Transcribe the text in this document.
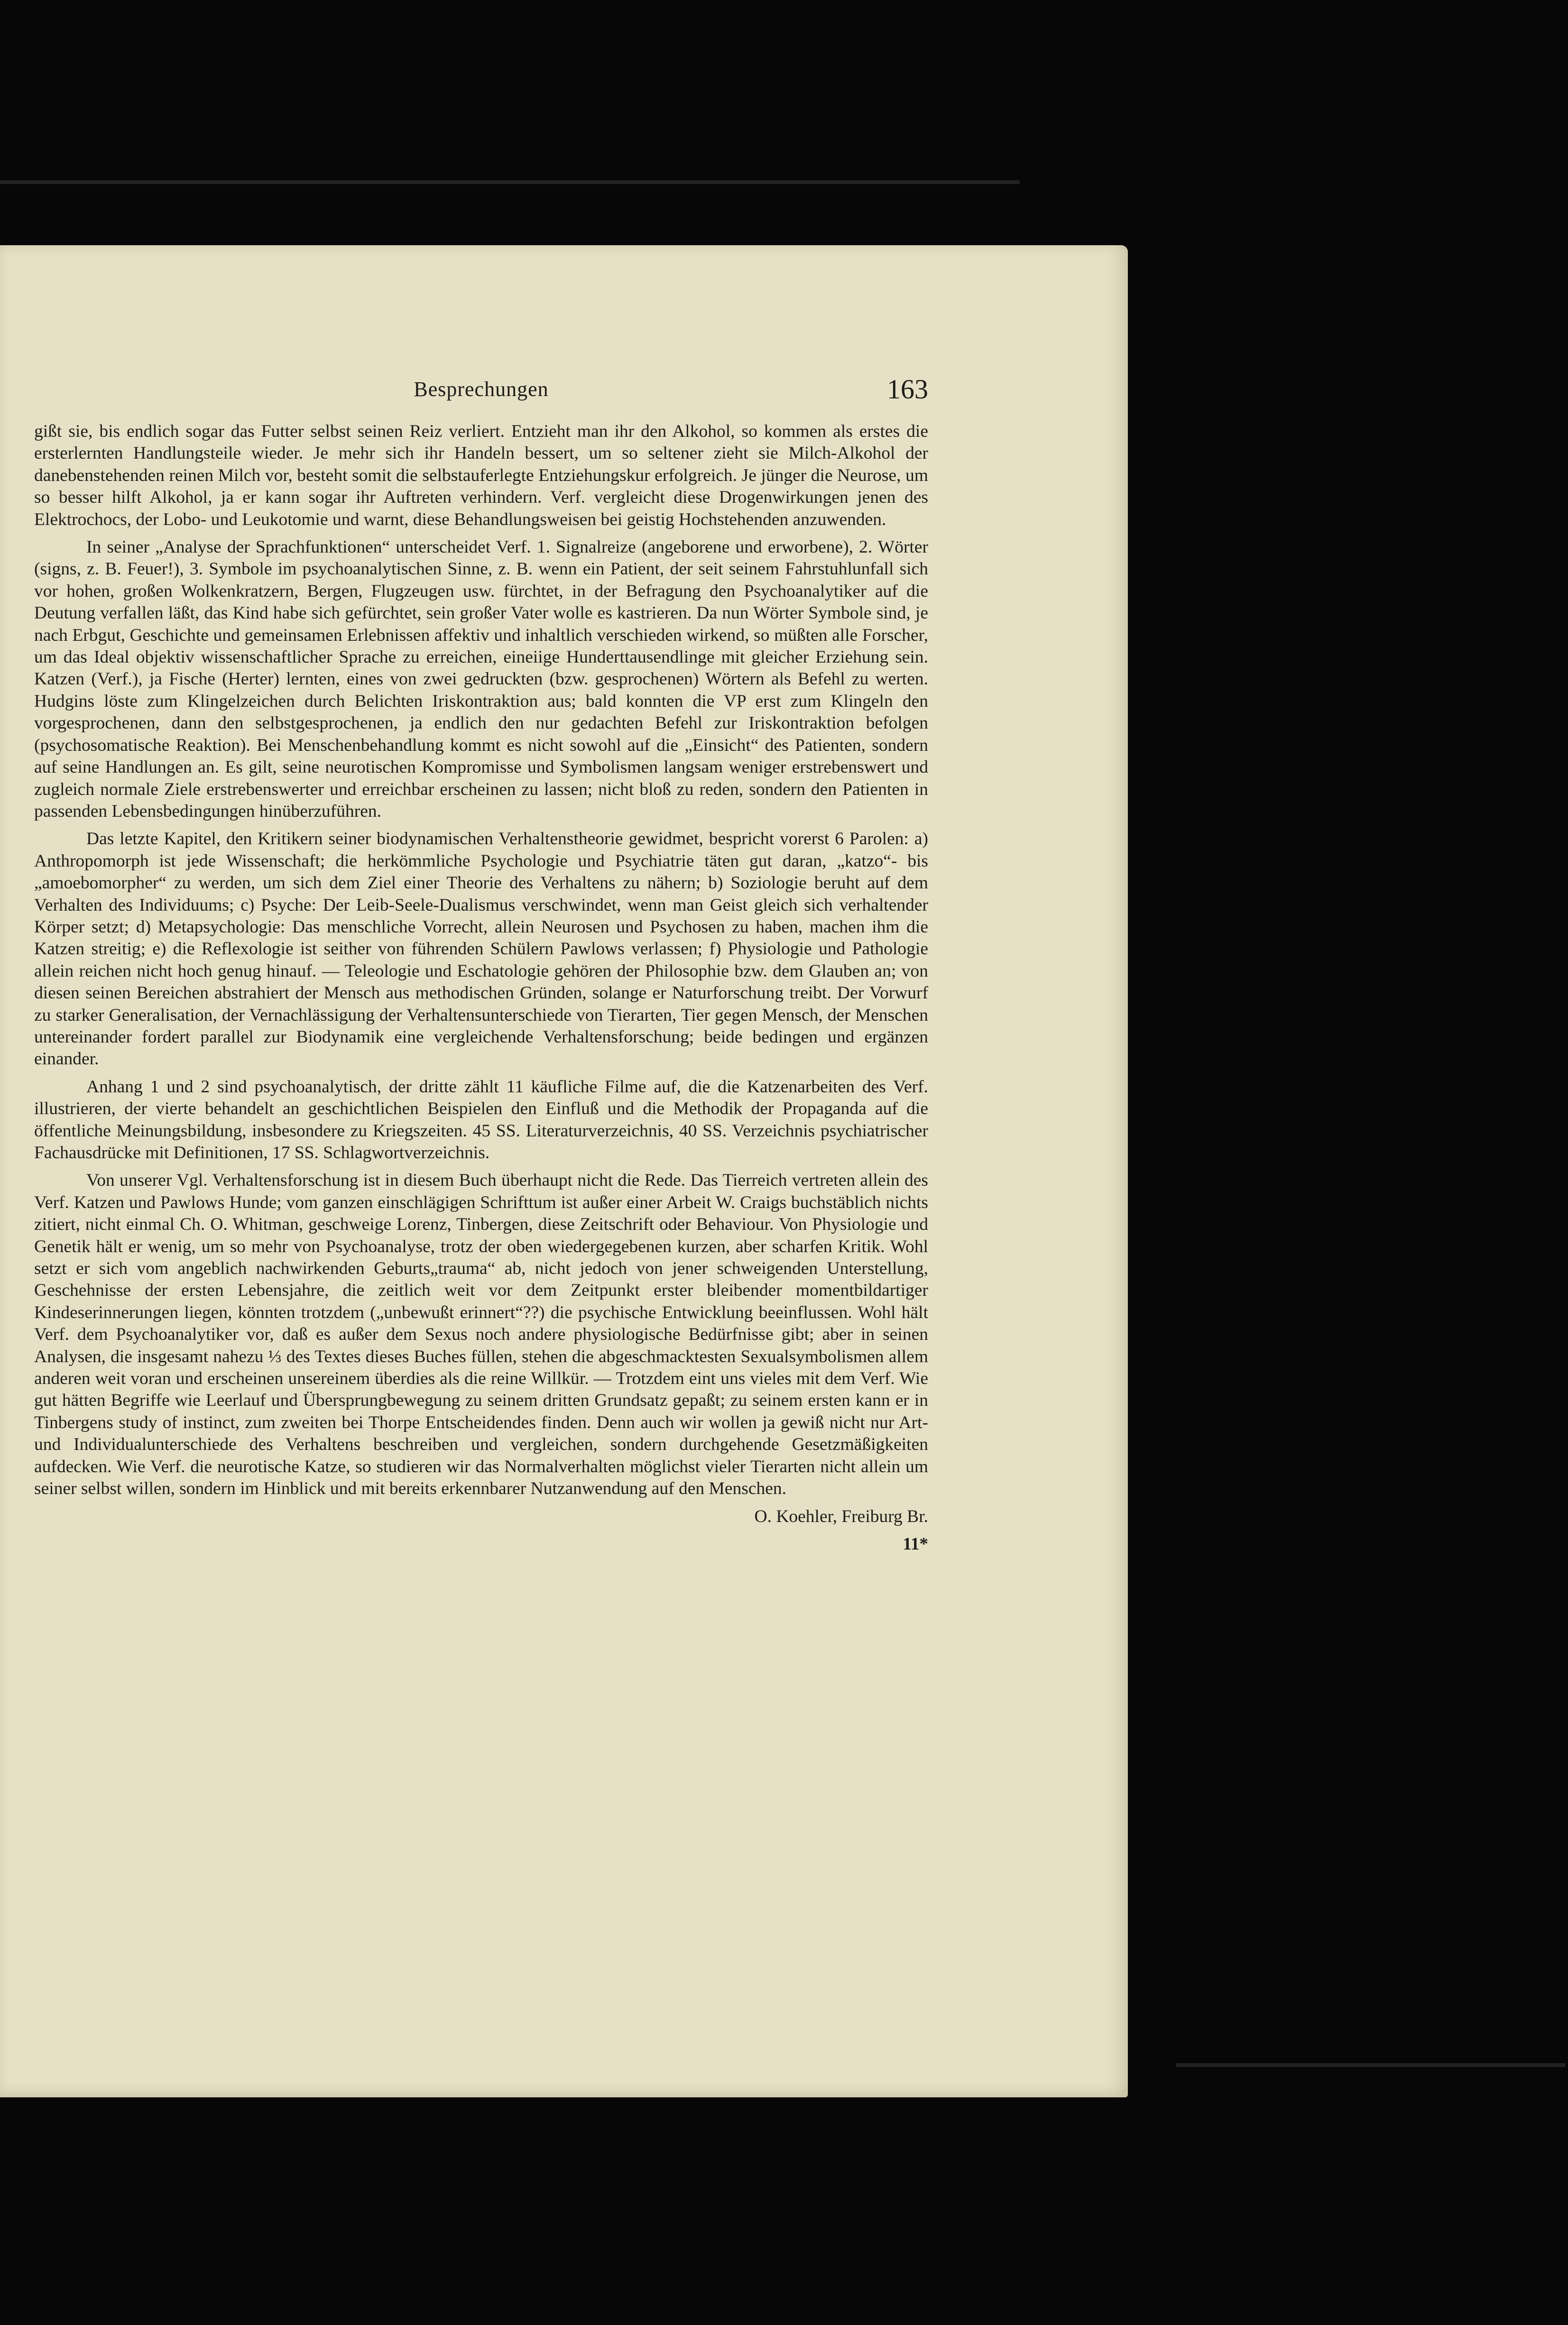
Besprechungen	163

gißt sie, bis endlich sogar das Futter selbst seinen Reiz verliert. Entzieht man ihr den Alkohol, so kommen als erstes die ersterlernten Handlungsteile wieder. Je mehr sich ihr Handeln bessert, um so seltener zieht sie Milch-Alkohol der danebenstehenden reinen Milch vor, besteht somit die selbstauferlegte Entziehungskur erfolgreich. Je jünger die Neurose, um so besser hilft Alkohol, ja er kann sogar ihr Auftreten verhindern. Verf. vergleicht diese Drogenwirkungen jenen des Elektrochocs, der Lobo- und Leukotomie und warnt, diese Behandlungsweisen bei geistig Hochstehenden anzuwenden.

In seiner „Analyse der Sprachfunktionen“ unterscheidet Verf. 1. Signalreize (angeborene und erworbene), 2. Wörter (signs, z. B. Feuer!), 3. Symbole im psychoanalytischen Sinne, z. B. wenn ein Patient, der seit seinem Fahrstuhlunfall sich vor hohen, großen Wolkenkratzern, Bergen, Flugzeugen usw. fürchtet, in der Befragung den Psychoanalytiker auf die Deutung verfallen läßt, das Kind habe sich gefürchtet, sein großer Vater wolle es kastrieren. Da nun Wörter Symbole sind, je nach Erbgut, Geschichte und gemeinsamen Erlebnissen affektiv und inhaltlich verschieden wirkend, so müßten alle Forscher, um das Ideal objektiv wissenschaftlicher Sprache zu erreichen, eineiige Hunderttausendlinge mit gleicher Erziehung sein. Katzen (Verf.), ja Fische (Herter) lernten, eines von zwei gedruckten (bzw. gesprochenen) Wörtern als Befehl zu werten. Hudgins löste zum Klingelzeichen durch Belichten Iriskontraktion aus; bald konnten die VP erst zum Klingeln den vorgesprochenen, dann den selbstgesprochenen, ja endlich den nur gedachten Befehl zur Iriskontraktion befolgen (psychosomatische Reaktion). Bei Menschenbehandlung kommt es nicht sowohl auf die „Einsicht“ des Patienten, sondern auf seine Handlungen an. Es gilt, seine neurotischen Kompromisse und Symbolismen langsam weniger erstrebenswert und zugleich normale Ziele erstrebenswerter und erreichbar erscheinen zu lassen; nicht bloß zu reden, sondern den Patienten in passenden Lebensbedingungen hinüberzuführen.

Das letzte Kapitel, den Kritikern seiner biodynamischen Verhaltenstheorie gewidmet, bespricht vorerst 6 Parolen: a) Anthropomorph ist jede Wissenschaft; die herkömmliche Psychologie und Psychiatrie täten gut daran, „katzo“- bis „amoebomorpher“ zu werden, um sich dem Ziel einer Theorie des Verhaltens zu nähern; b) Soziologie beruht auf dem Verhalten des Individuums; c) Psyche: Der Leib-Seele-Dualismus verschwindet, wenn man Geist gleich sich verhaltender Körper setzt; d) Metapsychologie: Das menschliche Vorrecht, allein Neurosen und Psychosen zu haben, machen ihm die Katzen streitig; e) die Reflexologie ist seither von führenden Schülern Pawlows verlassen; f) Physiologie und Pathologie allein reichen nicht hoch genug hinauf. — Teleologie und Eschatologie gehören der Philosophie bzw. dem Glauben an; von diesen seinen Bereichen abstrahiert der Mensch aus methodischen Gründen, solange er Naturforschung treibt. Der Vorwurf zu starker Generalisation, der Vernachlässigung der Verhaltensunterschiede von Tierarten, Tier gegen Mensch, der Menschen untereinander fordert parallel zur Biodynamik eine vergleichende Verhaltensforschung; beide bedingen und ergänzen einander.

Anhang 1 und 2 sind psychoanalytisch, der dritte zählt 11 käufliche Filme auf, die die Katzenarbeiten des Verf. illustrieren, der vierte behandelt an geschichtlichen Beispielen den Einfluß und die Methodik der Propaganda auf die öffentliche Meinungsbildung, insbesondere zu Kriegszeiten. 45 SS. Literaturverzeichnis, 40 SS. Verzeichnis psychiatrischer Fachausdrücke mit Definitionen, 17 SS. Schlagwortverzeichnis.

Von unserer Vgl. Verhaltensforschung ist in diesem Buch überhaupt nicht die Rede. Das Tierreich vertreten allein des Verf. Katzen und Pawlows Hunde; vom ganzen einschlägigen Schrifttum ist außer einer Arbeit W. Craigs buchstäblich nichts zitiert, nicht einmal Ch. O. Whitman, geschweige Lorenz, Tinbergen, diese Zeitschrift oder Behaviour. Von Physiologie und Genetik hält er wenig, um so mehr von Psychoanalyse, trotz der oben wiedergegebenen kurzen, aber scharfen Kritik. Wohl setzt er sich vom angeblich nachwirkenden Geburts„trauma“ ab, nicht jedoch von jener schweigenden Unterstellung, Geschehnisse der ersten Lebensjahre, die zeitlich weit vor dem Zeitpunkt erster bleibender momentbildartiger Kindeserinnerungen liegen, könnten trotzdem („unbewußt erinnert“??) die psychische Entwicklung beeinflussen. Wohl hält Verf. dem Psychoanalytiker vor, daß es außer dem Sexus noch andere physiologische Bedürfnisse gibt; aber in seinen Analysen, die insgesamt nahezu ⅓ des Textes dieses Buches füllen, stehen die abgeschmacktesten Sexualsymbolismen allem anderen weit voran und erscheinen unsereinem überdies als die reine Willkür. — Trotzdem eint uns vieles mit dem Verf. Wie gut hätten Begriffe wie Leerlauf und Übersprungbewegung zu seinem dritten Grundsatz gepaßt; zu seinem ersten kann er in Tinbergens study of instinct, zum zweiten bei Thorpe Entscheidendes finden. Denn auch wir wollen ja gewiß nicht nur Art- und Individualunterschiede des Verhaltens beschreiben und vergleichen, sondern durchgehende Gesetzmäßigkeiten aufdecken. Wie Verf. die neurotische Katze, so studieren wir das Normalverhalten möglichst vieler Tierarten nicht allein um seiner selbst willen, sondern im Hinblick und mit bereits erkennbarer Nutzanwendung auf den Menschen.

O. Koehler, Freiburg Br.

11*
